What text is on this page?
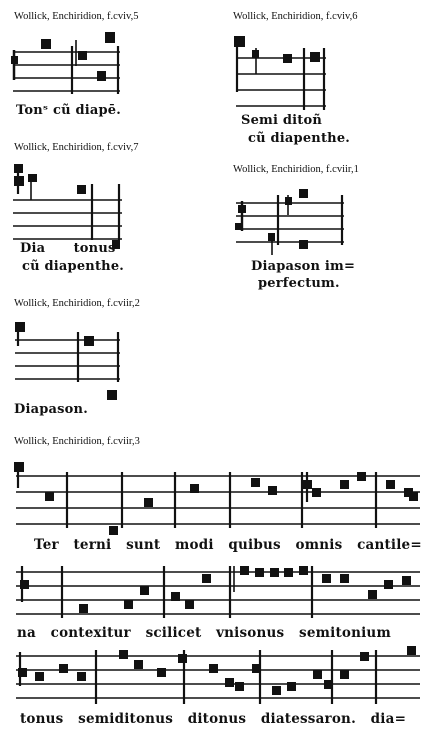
Wollick, Enchiridion, f.cviv,5
Tonˢ cũ diapē.
Wollick, Enchiridion, f.cviv,6
Semi ditoñ
cũ diapenthe.
Wollick, Enchiridion, f.cviv,7
Dia      tonus
cũ diapenthe.
Wollick, Enchiridion, f.cviir,1
Diapason im=
perfectum.
Wollick, Enchiridion, f.cviir,2
Diapason.
Wollick, Enchiridion, f.cviir,3
Ter   terni   sunt   modi   quibus   omnis   cantile=
na   contexitur   scilicet   vnisonus   semitonium
tonus   semiditonus   ditonus   diatessaron.   dia=
